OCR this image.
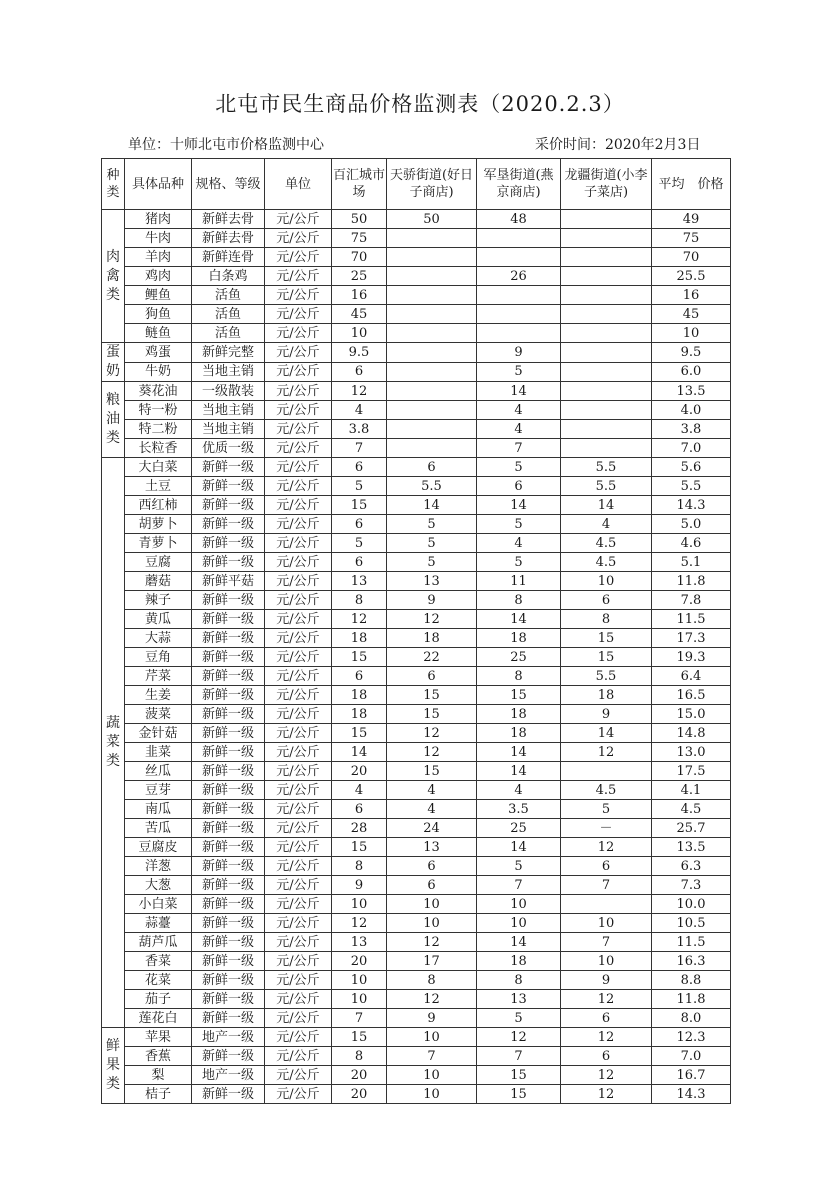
北屯市民生商品价格监测表（2020.2.3）
单位：十师北屯市价格监测中心	采价时间：2020年2月3日
种类	具体品种	规格、等级	单位	百汇城市场	天骄街道(好日子商店)	军垦街道(燕京商店)	龙疆街道(小李子菜店)	平均　价格
肉禽类	猪肉	新鲜去骨	元/公斤	50	50	48		49
	牛肉	新鲜去骨	元/公斤	75				75
	羊肉	新鲜连骨	元/公斤	70				70
	鸡肉	白条鸡	元/公斤	25		26		25.5
	鲤鱼	活鱼	元/公斤	16				16
	狗鱼	活鱼	元/公斤	45				45
	鲢鱼	活鱼	元/公斤	10				10
蛋奶	鸡蛋	新鲜完整	元/公斤	9.5		9		9.5
	牛奶	当地主销	元/公斤	6		5		6.0
粮油类	葵花油	一级散装	元/公斤	12		14		13.5
	特一粉	当地主销	元/公斤	4		4		4.0
	特二粉	当地主销	元/公斤	3.8		4		3.8
	长粒香	优质一级	元/公斤	7		7		7.0
蔬菜类	大白菜	新鲜一级	元/公斤	6	6	5	5.5	5.6
	土豆	新鲜一级	元/公斤	5	5.5	6	5.5	5.5
	西红柿	新鲜一级	元/公斤	15	14	14	14	14.3
	胡萝卜	新鲜一级	元/公斤	6	5	5	4	5.0
	青萝卜	新鲜一级	元/公斤	5	5	4	4.5	4.6
	豆腐	新鲜一级	元/公斤	6	5	5	4.5	5.1
	蘑菇	新鲜平菇	元/公斤	13	13	11	10	11.8
	辣子	新鲜一级	元/公斤	8	9	8	6	7.8
	黄瓜	新鲜一级	元/公斤	12	12	14	8	11.5
	大蒜	新鲜一级	元/公斤	18	18	18	15	17.3
	豆角	新鲜一级	元/公斤	15	22	25	15	19.3
	芹菜	新鲜一级	元/公斤	6	6	8	5.5	6.4
	生姜	新鲜一级	元/公斤	18	15	15	18	16.5
	菠菜	新鲜一级	元/公斤	18	15	18	9	15.0
	金针菇	新鲜一级	元/公斤	15	12	18	14	14.8
	韭菜	新鲜一级	元/公斤	14	12	14	12	13.0
	丝瓜	新鲜一级	元/公斤	20	15	14		17.5
	豆芽	新鲜一级	元/公斤	4	4	4	4.5	4.1
	南瓜	新鲜一级	元/公斤	6	4	3.5	5	4.5
	苦瓜	新鲜一级	元/公斤	28	24	25	－	25.7
	豆腐皮	新鲜一级	元/公斤	15	13	14	12	13.5
	洋葱	新鲜一级	元/公斤	8	6	5	6	6.3
	大葱	新鲜一级	元/公斤	9	6	7	7	7.3
	小白菜	新鲜一级	元/公斤	10	10	10		10.0
	蒜薹	新鲜一级	元/公斤	12	10	10	10	10.5
	葫芦瓜	新鲜一级	元/公斤	13	12	14	7	11.5
	香菜	新鲜一级	元/公斤	20	17	18	10	16.3
	花菜	新鲜一级	元/公斤	10	8	8	9	8.8
	茄子	新鲜一级	元/公斤	10	12	13	12	11.8
	莲花白	新鲜一级	元/公斤	7	9	5	6	8.0
鲜果类	苹果	地产一级	元/公斤	15	10	12	12	12.3
	香蕉	新鲜一级	元/公斤	8	7	7	6	7.0
	梨	地产一级	元/公斤	20	10	15	12	16.7
	桔子	新鲜一级	元/公斤	20	10	15	12	14.3
